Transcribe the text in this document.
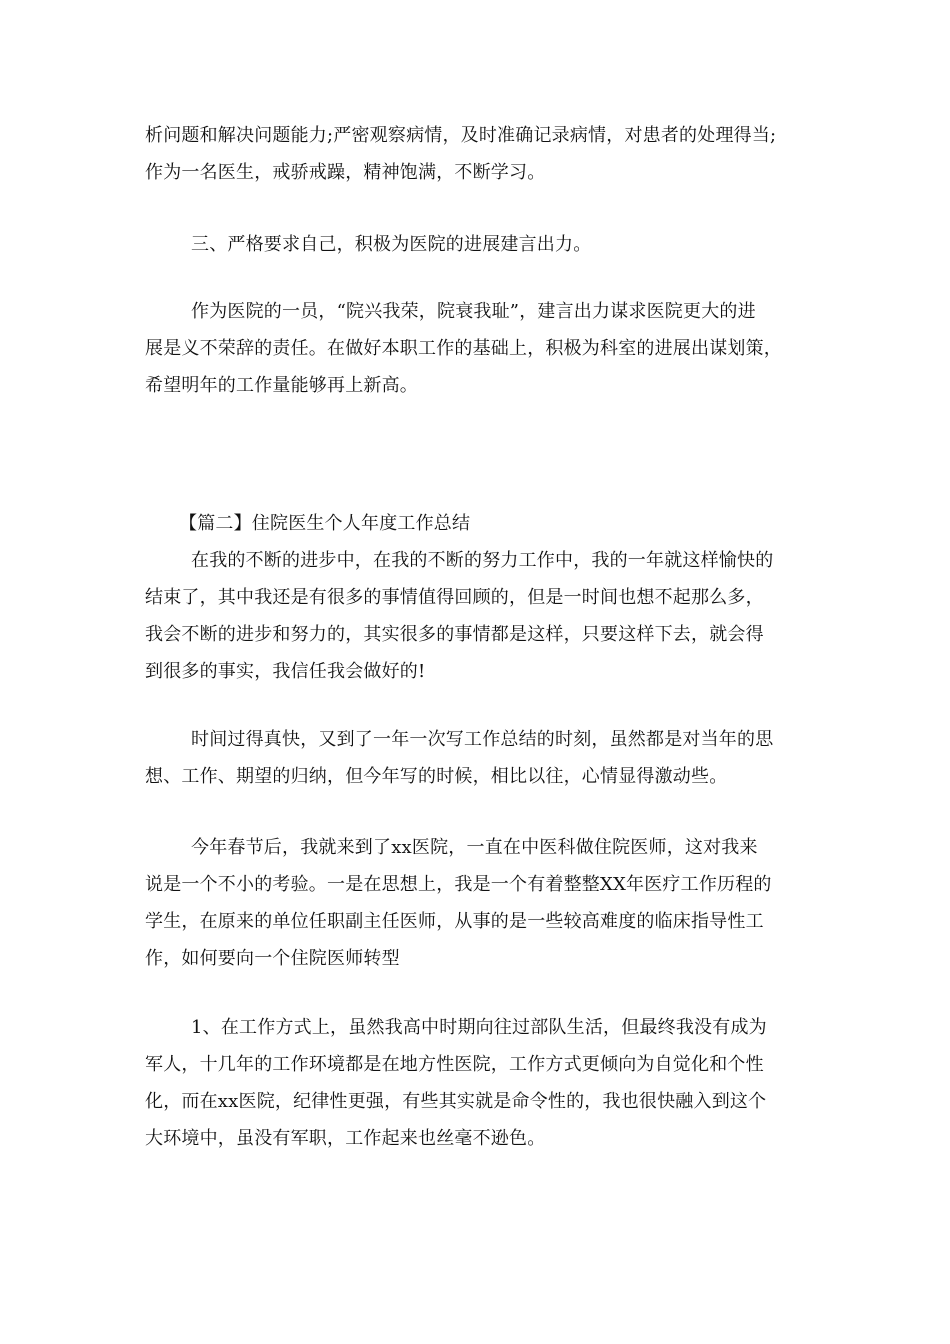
析问题和解决问题能力;严密观察病情，及时准确记录病情，对患者的处理得当;
作为一名医生，戒骄戒躁，精神饱满，不断学习。
三、严格要求自己，积极为医院的进展建言出力。
作为医院的一员，“院兴我荣，院衰我耻”，建言出力谋求医院更大的进
展是义不荣辞的责任。在做好本职工作的基础上，积极为科室的进展出谋划策，
希望明年的工作量能够再上新高。
【篇二】住院医生个人年度工作总结
在我的不断的进步中，在我的不断的努力工作中，我的一年就这样愉快的
结束了，其中我还是有很多的事情值得回顾的，但是一时间也想不起那么多，
我会不断的进步和努力的，其实很多的事情都是这样，只要这样下去，就会得
到很多的事实，我信任我会做好的!
时间过得真快，又到了一年一次写工作总结的时刻，虽然都是对当年的思
想、工作、期望的归纳，但今年写的时候，相比以往，心情显得激动些。
今年春节后，我就来到了xx医院，一直在中医科做住院医师，这对我来
说是一个不小的考验。一是在思想上，我是一个有着整整XX年医疗工作历程的
学生，在原来的单位任职副主任医师，从事的是一些较高难度的临床指导性工
作，如何要向一个住院医师转型
1、在工作方式上，虽然我高中时期向往过部队生活，但最终我没有成为
军人，十几年的工作环境都是在地方性医院，工作方式更倾向为自觉化和个性
化，而在xx医院，纪律性更强，有些其实就是命令性的，我也很快融入到这个
大环境中，虽没有军职，工作起来也丝毫不逊色。
